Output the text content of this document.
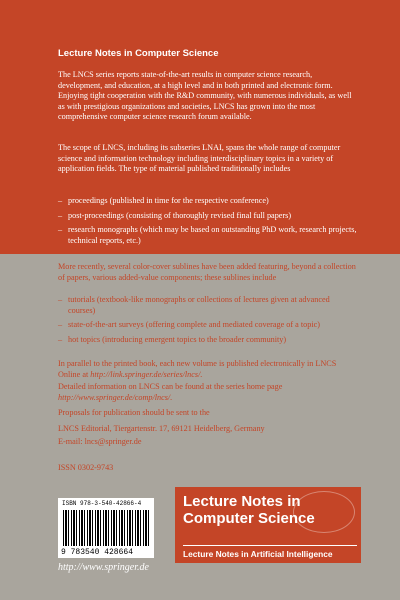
Lecture Notes in Computer Science
The LNCS series reports state-of-the-art results in computer science research, development, and education, at a high level and in both printed and electronic form. Enjoying tight cooperation with the R&D community, with numerous individuals, as well as with prestigious organizations and societies, LNCS has grown into the most comprehensive computer science research forum available.
The scope of LNCS, including its subseries LNAI, spans the whole range of computer science and information technology including interdisciplinary topics in a variety of application fields. The type of material published traditionally includes
– proceedings (published in time for the respective conference)
– post-proceedings (consisting of thoroughly revised final full papers)
– research monographs (which may be based on outstanding PhD work, research projects, technical reports, etc.)
More recently, several color-cover sublines have been added featuring, beyond a collection of papers, various added-value components; these sublines include
– tutorials (textbook-like monographs or collections of lectures given at advanced courses)
– state-of-the-art surveys (offering complete and mediated coverage of a topic)
– hot topics (introducing emergent topics to the broader community)
In parallel to the printed book, each new volume is published electronically in LNCS Online at http://link.springer.de/series/lncs/.
Detailed information on LNCS can be found at the series home page http://www.springer.de/comp/lncs/.
Proposals for publication should be sent to the
LNCS Editorial, Tiergartenstr. 17, 69121 Heidelberg, Germany
E-mail: lncs@springer.de
ISSN 0302-9743
Lecture Notes in
Computer Science
Lecture Notes in Artificial Intelligence
ISBN 978-3-540-42866-4
9 783540 428664
http://www.springer.de
